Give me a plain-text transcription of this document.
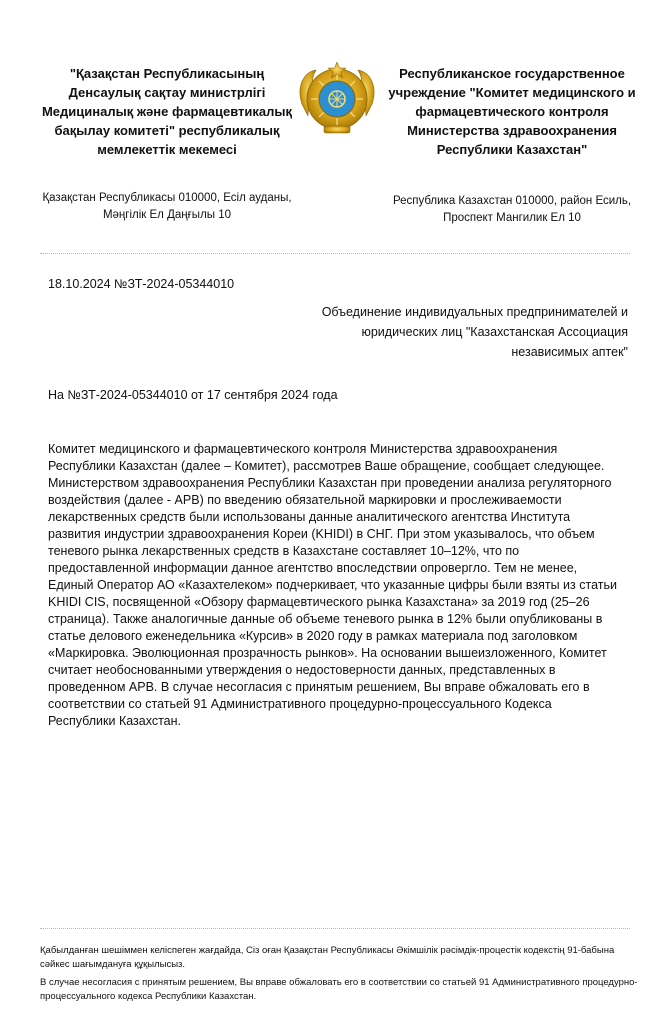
"Қазақстан Республикасының Денсаулық сақтау министрлігі Медициналық және фармацевтикалық бақылау комитеті" республикалық мемлекеттік мекемесі
Қазақстан Республикасы 010000, Есіл ауданы, Мәңгілік Ел Даңғылы 10
Республиканское государственное учреждение "Комитет медицинского и фармацевтического контроля Министерства здравоохранения Республики Казахстан"
Республика Казахстан 010000, район Есиль, Проспект Мангилик Ел 10
18.10.2024 №ЗТ-2024-05344010
Объединение индивидуальных предпринимателей и юридических лиц "Казахстанская Ассоциация независимых аптек"
На №ЗТ-2024-05344010 от 17 сентября 2024 года

Комитет медицинского и фармацевтического контроля Министерства здравоохранения Республики Казахстан (далее – Комитет), рассмотрев Ваше обращение, сообщает следующее. Министерством здравоохранения Республики Казахстан при проведении анализа регуляторного воздействия (далее - АРВ) по введению обязательной маркировки и прослеживаемости лекарственных средств были использованы данные аналитического агентства Института развития индустрии здравоохранения Кореи (KHIDI) в СНГ. При этом указывалось, что объем теневого рынка лекарственных средств в Казахстане составляет 10–12%, что по предоставленной информации данное агентство впоследствии опровергло. Тем не менее, Единый Оператор АО «Казахтелеком» подчеркивает, что указанные цифры были взяты из статьи KHIDI CIS, посвященной «Обзору фармацевтического рынка Казахстана» за 2019 год (25–26 страница). Также аналогичные данные об объеме теневого рынка в 12% были опубликованы в статье делового еженедельника «Курсив» в 2020 году в рамках материала под заголовком «Маркировка. Эволюционная прозрачность рынков». На основании вышеизложенного, Комитет считает необоснованными утверждения о недостоверности данных, представленных в проведенном АРВ. В случае несогласия с принятым решением, Вы вправе обжаловать его в соответствии со статьей 91 Административного процедурно-процессуального Кодекса Республики Казахстан.

Қабылданған шешіммен келіспеген жағдайда, Сіз оған Қазақстан Республикасы Әкімшілік рәсімдік-процестік кодекстің 91-бабына сәйкес шағымдануға құқылысыз.

В случае несогласия с принятым решением, Вы вправе обжаловать его в соответствии со статьей 91 Административного процедурно-процессуального кодекса Республики Казахстан.
